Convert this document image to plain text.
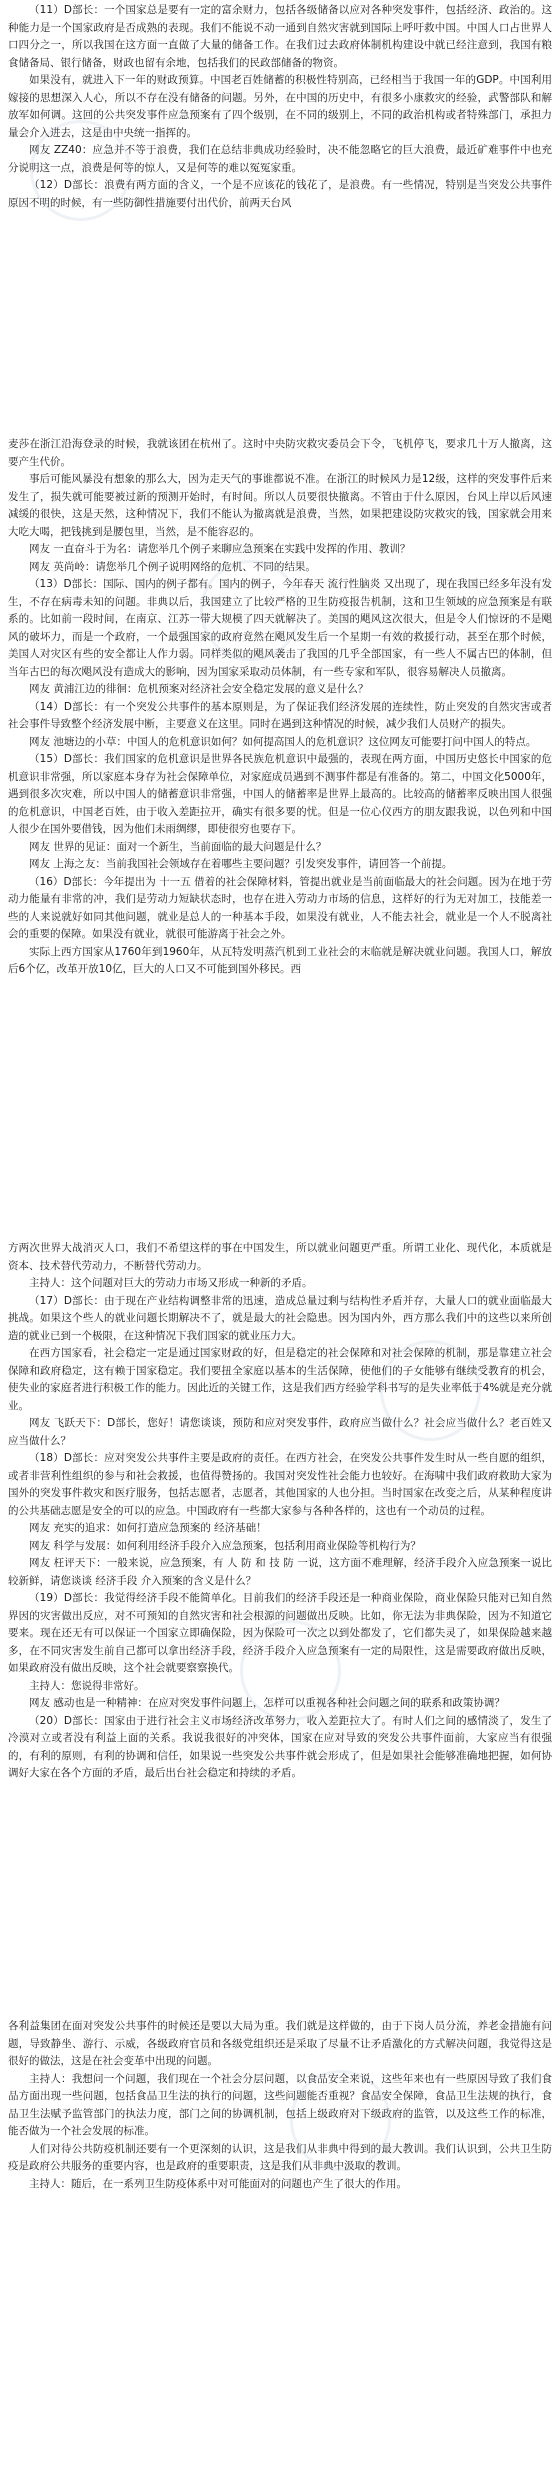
（11）D部长：一个国家总是要有一定的富余财力，包括各级储备以应对各种突发事件，包括经济、政治的。这种能力是一个国家政府是否成熟的表现。我们不能说不动一通到自然灾害就到国际上呼吁救中国。中国人口占世界人口四分之一，所以我国在这方面一直做了大量的储备工作。在我们过去政府体制机构建设中就已经注意到，我国有粮食储备局、银行储备，财政也留有余地，包括我们的民政部储备的物资。

如果没有，就进入下一年的财政预算。中国老百姓储蓄的积极性特别高，已经相当于我国一年的GDP。中国利用嫁接的思想深入人心，所以不存在没有储备的问题。另外，在中国的历史中，有很多小康救灾的经验，武警部队和解放军如何调。这回的公共突发事件应急预案有了四个级别，在不同的级别上，不同的政治机构或者特殊部门，承担力量会介入进去，这是由中央统一指挥的。

网友 ZZ40：应急并不等于浪费，我们在总结非典成功经验时，决不能忽略它的巨大浪费，最近矿难事件中也充分说明这一点，浪费是何等的惊人，又是何等的难以冤冤家重。

（12）D部长：浪费有两方面的含义，一个是不应该花的钱花了，是浪费。有一些情况，特别是当突发公共事件原因不明的时候，有一些防御性措施要付出代价，前两天台风

麦莎在浙江沿海登录的时候，我就该团在杭州了。这时中央防灾救灾委员会下令，飞机停飞，要求几十万人撤离，这要产生代价。

事后可能风暴没有想象的那么大，因为走天气的事谁都说不准。在浙江的时候风力是12级，这样的突发事件后来发生了，损失就可能要被过新的预测开始时，有时间。所以人员要很快撤离。不管由于什么原因，台风上岸以后风速减缓的很快，这是天然，这种情况下，我们不能认为撤离就是浪费，当然，如果把建设防灾救灾的钱，国家就会用来大吃大喝，把钱挑到是腰包里，当然，是不能容忍的。

网友 一直奋斗于为名：请您举几个例子来聊应急预案在实践中发挥的作用、教训？

网友 英尚岭：请您举几个例子说明网络的危机、不同的结果。

（13）D部长：国际、国内的例子都有。国内的例子，今年春天 流行性脑炎 又出现了，现在我国已经多年没有发生，不存在病毒未知的问题。非典以后，我国建立了比较严格的卫生防疫报告机制，这和卫生领域的应急预案是有联系的。比如前一段时间，在南京、江苏一带大规模了四天就解决了。美国的飓风这次很大，但是令人们惊讶的不是飓风的破坏力，而是一个政府，一个最强国家的政府竟然在飓风发生后一个星期一有效的救援行动，甚至在那个时候，美国人对灾区有些的安全都让人作力弱。同样类似的飓风袭击了我国的几乎全部国家，有一些人不属古巴的体制，但当年古巴的每次飓风没有造成大的影响，因为国家采取动员体制，有一些专家和军队，很容易解决人员撤离。

网友 黄浦江边的徘徊：危机预案对经济社会安全稳定发展的意义是什么？

（14）D部长：有一个突发公共事件的基本原则是，为了保证我们经济发展的连续性，防止突发的自然灾害或者社会事件导致整个经济发展中断，主要意义在这里。同时在遇到这种情况的时候，减少我们人员财产的损失。

网友 池塘边的小草：中国人的危机意识如何？如何提高国人的危机意识？这位网友可能要打问中国人的特点。

（15）D部长：我们国家的危机意识是世界各民族危机意识中最强的，表现在两方面，中国历史悠长中国家的危机意识非常强，所以家庭本身存为社会保障单位，对家庭成员遇到不测事件都是有准备的。第二，中国文化5000年，遇到很多次灾难，所以中国人的储蓄意识非常强，中国人的储蓄率是世界上最高的。比较高的储蓄率反映出国人很强的危机意识，中国老百姓，由于收入差距拉开，确实有很多要的忧。但是一位心仪西方的朋友跟我说，以色列和中国人很少在国外要借钱，因为他们未雨绸缪，即使很穷也要存下。

网友 世界的见证：面对一个新生，当前面临的最大问题是什么？

网友 上海之友：当前我国社会领域存在着哪些主要问题？引发突发事件，请回答一个前提。

（16）D部长：今年提出为 十一五 借着的社会保障材料，管提出就业是当前面临最大的社会问题。因为在地于劳动力能量有非常的冲，我们是劳动力短缺状态时，也存在进入劳动力市场的信息，这样好的行为无对加工，技能差一些的人来说就好如同其他问题，就业是总人的一种基本手段，如果没有就业，人不能去社会，就业是一个人不脱离社会的重要的保障。如果没有就业，就很可能游离于社会之外。

实际上西方国家从1760年到1960年，从瓦特发明蒸汽机到工业社会的末临就是解决就业问题。我国人口，解放后6个亿，改革开放10亿，巨大的人口又不可能到国外移民。西

方两次世界大战消灭人口，我们不希望这样的事在中国发生，所以就业问题更严重。所谓工业化、现代化，本质就是资本、技术替代劳动力，不断替代劳动力。

主持人：这个问题对巨大的劳动力市场又形成一种新的矛盾。

（17）D部长：由于现在产业结构调整非常的迅速，造成总量过剩与结构性矛盾并存，大量人口的就业面临最大挑战。如果这个些人的就业问题长期解决不了，就是最大的社会隐患。因为国内外，西方那么我们中的这些以来所创造的就业已到一个极限，在这种情况下我们国家的就业压力大。

在西方国家看，社会稳定一定是通过国家财政的好，但是稳定的社会保障和对社会保障的机制，那是靠建立社会保障和政府稳定，这有赖于国家稳定。我们要扭全家庭以基本的生活保障，使他们的子女能够有继续受教育的机会，使失业的家庭者进行积极工作的能力。因此近的关键工作，这是我们西方经验学科书写的是失业率低于4%就是充分就业。

网友 飞跃天下：D部长，您好！请您谈谈，预防和应对突发事件，政府应当做什么？社会应当做什么？老百姓又应当做什么？

（18）D部长：应对突发公共事件主要是政府的责任。在西方社会，在突发公共事件发生时从一些自愿的组织，或者非营利性组织的参与和社会救援，也值得赞扬的。我国对突发性社会能力也较好。在海啸中我们政府救助大家为国外的突发事件救灾和医疗服务，包括志愿者，志愿者，其他国家的人也分担。当时国家在改变之后，从某种程度讲的公共基础志愿是安全的可以的应急。中国政府有一些都大家参与各种各样的，这也有一个动员的过程。

网友 充实的追求：如何打造应急预案的 经济基础！

网友 科学与发展：如何利用经济手段介入应急预案，包括利用商业保险等机构行为？

网友 枉评天下：一般来说，应急预案，有 人 防 和 技 防 一说，这方面不难理解，经济手段介入应急预案一说比较新鲜，请您谈谈 经济手段 介入预案的含义是什么？

（19）D部长：我觉得经济手段不能简单化。目前我们的经济手段还是一种商业保险，商业保险只能对已知自然界因的灾害做出反应，对不可预知的自然灾害和社会根源的问题做出反映。比如，你无法为非典保险，因为不知道它要来。现在还无有可以保证一个国家立即确保险，因为保险可一次之以到处都发了，它们都失灵了，如果保险越来越多，在不同灾害发生前自己都可以拿出经济手段，经济手段介入应急预案有一定的局限性，这是需要政府做出反映，如果政府没有做出反映，这个社会就要察察换代。

主持人：您说得非常好。

网友 感动也是一种精神：在应对突发事件问题上，怎样可以重视各种社会问题之间的联系和政策协调？

（20）D部长：国家由于进行社会主义市场经济改革努力，收入差距拉大了。有时人们之间的感情淡了，发生了冷漠对立或者没有利益上面的关系。我说我很好的冲突体，国家在应对导致的突发公共事件面前，大家应当有很强的，有利的原则，有利的协调和信任，如果说一些突发公共事件就会形成了，但是如果社会能够准确地把握，如何协调好大家在各个方面的矛盾，最后出台社会稳定和持续的矛盾。

各利益集团在面对突发公共事件的时候还是要以大局为重。我们就是这样做的，由于下岗人员分流，养老金措施有问题，导致静坐、游行、示威，各级政府官员和各级党组织还是采取了尽量不让矛盾激化的方式解决问题，我觉得这是很好的做法，这是在社会变革中出现的问题。

主持人：我想问一个问题，我们现在一个社会分层问题，以食品安全来说，这些年来也有一些原因导致了我们食品方面出现一些问题，包括食品卫生法的执行的问题，这些问题能否重视？食品安全保障，食品卫生法规的执行，食品卫生法赋予监管部门的执法力度，部门之间的协调机制，包括上级政府对下级政府的监管，以及这些工作的标准，能否做为一个社会发展的标准。

人们对待公共防疫机制还要有一个更深刻的认识，这是我们从非典中得到的最大教训。我们认识到，公共卫生防疫是政府公共服务的重要内容，也是政府的重要职责，这是我们从非典中汲取的教训。

主持人：随后，在一系列卫生防疫体系中对可能面对的问题也产生了很大的作用。
